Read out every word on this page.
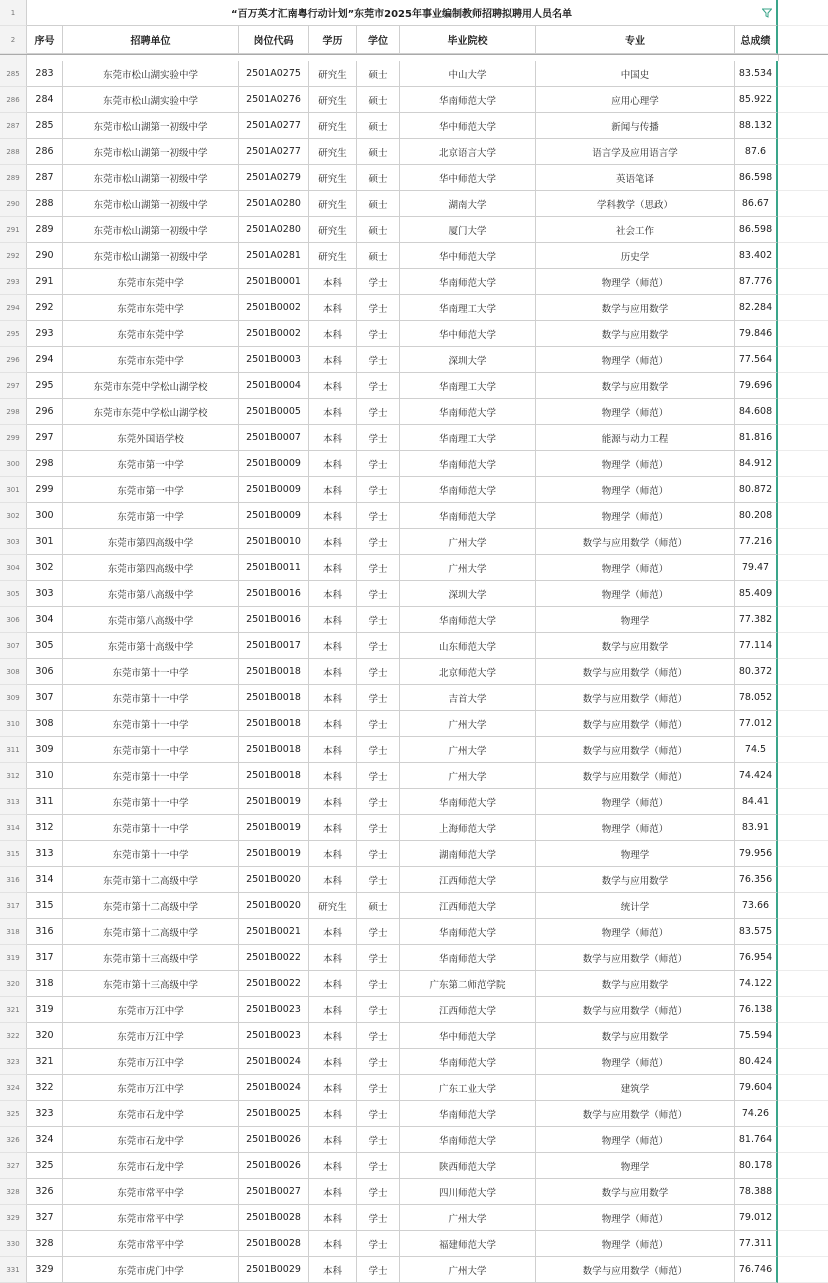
1	“百万英才汇南粤行动计划”东莞市2025年事业编制教师招聘拟聘用人员名单
2	序号	招聘单位	岗位代码	学历	学位	毕业院校	专业	总成绩
285	283	东莞市松山湖实验中学	2501A0275	研究生	硕士	中山大学	中国史	83.534
286	284	东莞市松山湖实验中学	2501A0276	研究生	硕士	华南师范大学	应用心理学	85.922
287	285	东莞市松山湖第一初级中学	2501A0277	研究生	硕士	华中师范大学	新闻与传播	88.132
288	286	东莞市松山湖第一初级中学	2501A0277	研究生	硕士	北京语言大学	语言学及应用语言学	87.6
289	287	东莞市松山湖第一初级中学	2501A0279	研究生	硕士	华中师范大学	英语笔译	86.598
290	288	东莞市松山湖第一初级中学	2501A0280	研究生	硕士	湖南大学	学科教学（思政）	86.67
291	289	东莞市松山湖第一初级中学	2501A0280	研究生	硕士	厦门大学	社会工作	86.598
292	290	东莞市松山湖第一初级中学	2501A0281	研究生	硕士	华中师范大学	历史学	83.402
293	291	东莞市东莞中学	2501B0001	本科	学士	华南师范大学	物理学（师范）	87.776
294	292	东莞市东莞中学	2501B0002	本科	学士	华南理工大学	数学与应用数学	82.284
295	293	东莞市东莞中学	2501B0002	本科	学士	华中师范大学	数学与应用数学	79.846
296	294	东莞市东莞中学	2501B0003	本科	学士	深圳大学	物理学（师范）	77.564
297	295	东莞市东莞中学松山湖学校	2501B0004	本科	学士	华南理工大学	数学与应用数学	79.696
298	296	东莞市东莞中学松山湖学校	2501B0005	本科	学士	华南师范大学	物理学（师范）	84.608
299	297	东莞外国语学校	2501B0007	本科	学士	华南理工大学	能源与动力工程	81.816
300	298	东莞市第一中学	2501B0009	本科	学士	华南师范大学	物理学（师范）	84.912
301	299	东莞市第一中学	2501B0009	本科	学士	华南师范大学	物理学（师范）	80.872
302	300	东莞市第一中学	2501B0009	本科	学士	华南师范大学	物理学（师范）	80.208
303	301	东莞市第四高级中学	2501B0010	本科	学士	广州大学	数学与应用数学（师范）	77.216
304	302	东莞市第四高级中学	2501B0011	本科	学士	广州大学	物理学（师范）	79.47
305	303	东莞市第八高级中学	2501B0016	本科	学士	深圳大学	物理学（师范）	85.409
306	304	东莞市第八高级中学	2501B0016	本科	学士	华南师范大学	物理学	77.382
307	305	东莞市第十高级中学	2501B0017	本科	学士	山东师范大学	数学与应用数学	77.114
308	306	东莞市第十一中学	2501B0018	本科	学士	北京师范大学	数学与应用数学（师范）	80.372
309	307	东莞市第十一中学	2501B0018	本科	学士	吉首大学	数学与应用数学（师范）	78.052
310	308	东莞市第十一中学	2501B0018	本科	学士	广州大学	数学与应用数学（师范）	77.012
311	309	东莞市第十一中学	2501B0018	本科	学士	广州大学	数学与应用数学（师范）	74.5
312	310	东莞市第十一中学	2501B0018	本科	学士	广州大学	数学与应用数学（师范）	74.424
313	311	东莞市第十一中学	2501B0019	本科	学士	华南师范大学	物理学（师范）	84.41
314	312	东莞市第十一中学	2501B0019	本科	学士	上海师范大学	物理学（师范）	83.91
315	313	东莞市第十一中学	2501B0019	本科	学士	湖南师范大学	物理学	79.956
316	314	东莞市第十二高级中学	2501B0020	本科	学士	江西师范大学	数学与应用数学	76.356
317	315	东莞市第十二高级中学	2501B0020	研究生	硕士	江西师范大学	统计学	73.66
318	316	东莞市第十二高级中学	2501B0021	本科	学士	华南师范大学	物理学（师范）	83.575
319	317	东莞市第十三高级中学	2501B0022	本科	学士	华南师范大学	数学与应用数学（师范）	76.954
320	318	东莞市第十三高级中学	2501B0022	本科	学士	广东第二师范学院	数学与应用数学	74.122
321	319	东莞市万江中学	2501B0023	本科	学士	江西师范大学	数学与应用数学（师范）	76.138
322	320	东莞市万江中学	2501B0023	本科	学士	华中师范大学	数学与应用数学	75.594
323	321	东莞市万江中学	2501B0024	本科	学士	华南师范大学	物理学（师范）	80.424
324	322	东莞市万江中学	2501B0024	本科	学士	广东工业大学	建筑学	79.604
325	323	东莞市石龙中学	2501B0025	本科	学士	华南师范大学	数学与应用数学（师范）	74.26
326	324	东莞市石龙中学	2501B0026	本科	学士	华南师范大学	物理学（师范）	81.764
327	325	东莞市石龙中学	2501B0026	本科	学士	陕西师范大学	物理学	80.178
328	326	东莞市常平中学	2501B0027	本科	学士	四川师范大学	数学与应用数学	78.388
329	327	东莞市常平中学	2501B0028	本科	学士	广州大学	物理学（师范）	79.012
330	328	东莞市常平中学	2501B0028	本科	学士	福建师范大学	物理学（师范）	77.311
331	329	东莞市虎门中学	2501B0029	本科	学士	广州大学	数学与应用数学（师范）	76.746
